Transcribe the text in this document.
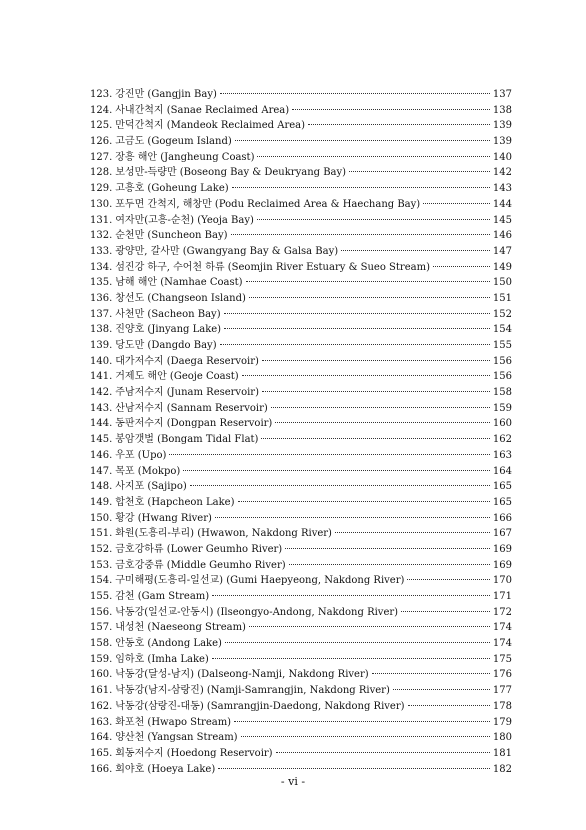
123. 강진만 (Gangjin Bay)	137
124. 사내간척지 (Sanae Reclaimed Area)	138
125. 만덕간척지 (Mandeok Reclaimed Area)	139
126. 고금도 (Gogeum Island)	139
127. 장흥 해안 (Jangheung Coast)	140
128. 보성만-득량만 (Boseong Bay & Deukryang Bay)	142
129. 고흥호 (Goheung Lake)	143
130. 포두면 간척지, 해창만 (Podu Reclaimed Area & Haechang Bay)	144
131. 여자만(고흥-순천) (Yeoja Bay)	145
132. 순천만 (Suncheon Bay)	146
133. 광양만, 갈사만 (Gwangyang Bay & Galsa Bay)	147
134. 섬진강 하구, 수어천 하류 (Seomjin River Estuary & Sueo Stream)	149
135. 남해 해안 (Namhae Coast)	150
136. 창선도 (Changseon Island)	151
137. 사천만 (Sacheon Bay)	152
138. 진양호 (Jinyang Lake)	154
139. 당도만 (Dangdo Bay)	155
140. 대가저수지 (Daega Reservoir)	156
141. 거제도 해안 (Geoje Coast)	156
142. 주남저수지 (Junam Reservoir)	158
143. 산남저수지 (Sannam Reservoir)	159
144. 동판저수지 (Dongpan Reservoir)	160
145. 봉암갯벌 (Bongam Tidal Flat)	162
146. 우포 (Upo)	163
147. 목포 (Mokpo)	164
148. 사지포 (Sajipo)	165
149. 합천호 (Hapcheon Lake)	165
150. 황강 (Hwang River)	166
151. 화원(도흥리-부리) (Hwawon, Nakdong River)	167
152. 금호강하류 (Lower Geumho River)	169
153. 금호강중류 (Middle Geumho River)	169
154. 구미해평(도흥리-일선교) (Gumi Haepyeong, Nakdong River)	170
155. 감천 (Gam Stream)	171
156. 낙동강(일선교-안동시) (Ilseongyo-Andong, Nakdong River)	172
157. 내성천 (Naeseong Stream)	174
158. 안동호 (Andong Lake)	174
159. 임하호 (Imha Lake)	175
160. 낙동강(달성-남지) (Dalseong-Namji, Nakdong River)	176
161. 낙동강(남지-삼랑진) (Namji-Samrangjin, Nakdong River)	177
162. 낙동강(삼랑진-대동) (Samrangjin-Daedong, Nakdong River)	178
163. 화포천 (Hwapo Stream)	179
164. 양산천 (Yangsan Stream)	180
165. 회동저수지 (Hoedong Reservoir)	181
166. 회야호 (Hoeya Lake)	182
- vi -
